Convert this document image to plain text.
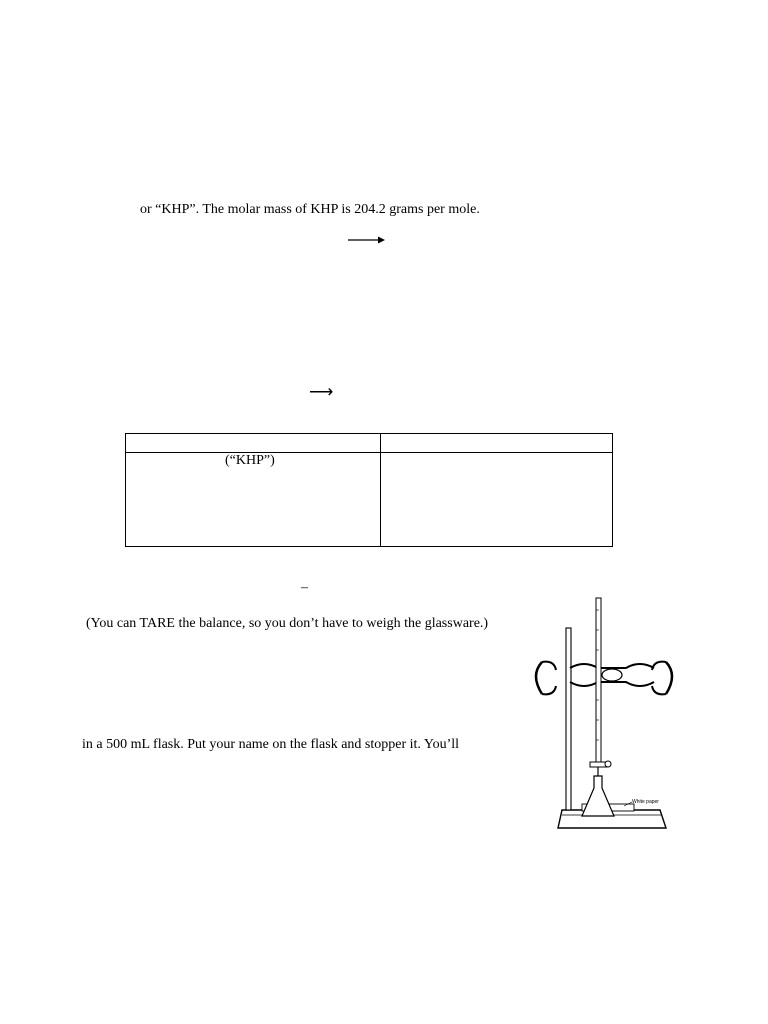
or “KHP”. The molar mass of KHP is 204.2 grams per mole.
⟶

(“KHP”)	

–
(You can TARE the balance, so you don’t have to weigh the glassware.)
in a 500 mL flask. Put your name on the flask and stopper it. You’ll
White paper
